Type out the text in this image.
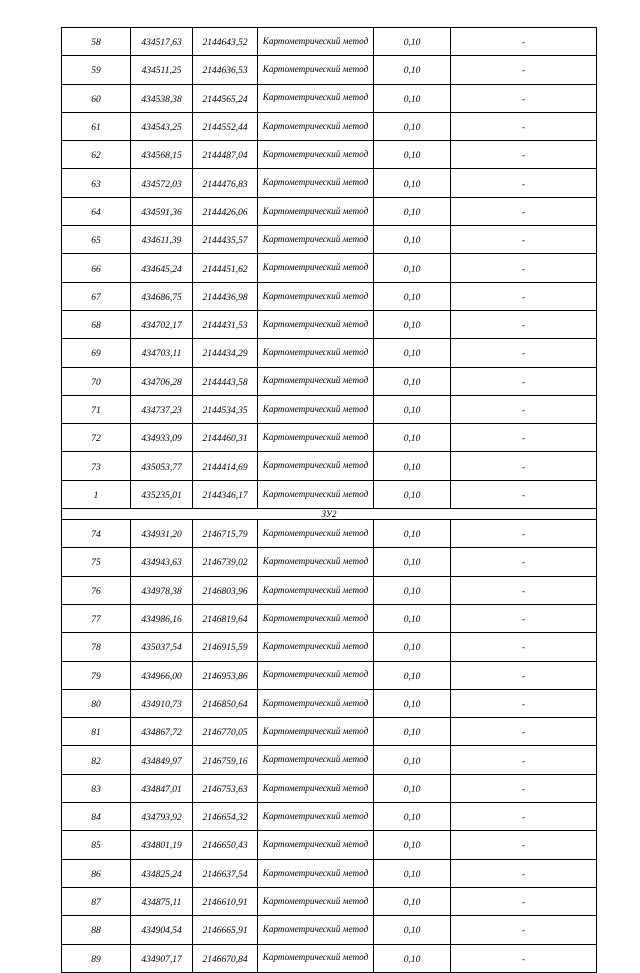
58	434517,63	2144643,52	Картометрический метод	0,10	-
59	434511,25	2144636,53	Картометрический метод	0,10	-
60	434538,38	2144565,24	Картометрический метод	0,10	-
61	434543,25	2144552,44	Картометрический метод	0,10	-
62	434568,15	2144487,04	Картометрический метод	0,10	-
63	434572,03	2144476,83	Картометрический метод	0,10	-
64	434591,36	2144426,06	Картометрический метод	0,10	-
65	434611,39	2144435,57	Картометрический метод	0,10	-
66	434645,24	2144451,62	Картометрический метод	0,10	-
67	434686,75	2144436,98	Картометрический метод	0,10	-
68	434702,17	2144431,53	Картометрический метод	0,10	-
69	434703,11	2144434,29	Картометрический метод	0,10	-
70	434706,28	2144443,58	Картометрический метод	0,10	-
71	434737,23	2144534,35	Картометрический метод	0,10	-
72	434933,09	2144460,31	Картометрический метод	0,10	-
73	435053,77	2144414,69	Картометрический метод	0,10	-
1	435235,01	2144346,17	Картометрический метод	0,10	-
ЗУ2					
74	434931,20	2146715,79	Картометрический метод	0,10	-
75	434943,63	2146739,02	Картометрический метод	0,10	-
76	434978,38	2146803,96	Картометрический метод	0,10	-
77	434986,16	2146819,64	Картометрический метод	0,10	-
78	435037,54	2146915,59	Картометрический метод	0,10	-
79	434966,00	2146953,86	Картометрический метод	0,10	-
80	434910,73	2146850,64	Картометрический метод	0,10	-
81	434867,72	2146770,05	Картометрический метод	0,10	-
82	434849,97	2146759,16	Картометрический метод	0,10	-
83	434847,01	2146753,63	Картометрический метод	0,10	-
84	434793,92	2146654,32	Картометрический метод	0,10	-
85	434801,19	2146650,43	Картометрический метод	0,10	-
86	434825,24	2146637,54	Картометрический метод	0,10	-
87	434875,11	2146610,91	Картометрический метод	0,10	-
88	434904,54	2146665,91	Картометрический метод	0,10	-
89	434907,17	2146670,84	Картометрический метод	0,10	-
